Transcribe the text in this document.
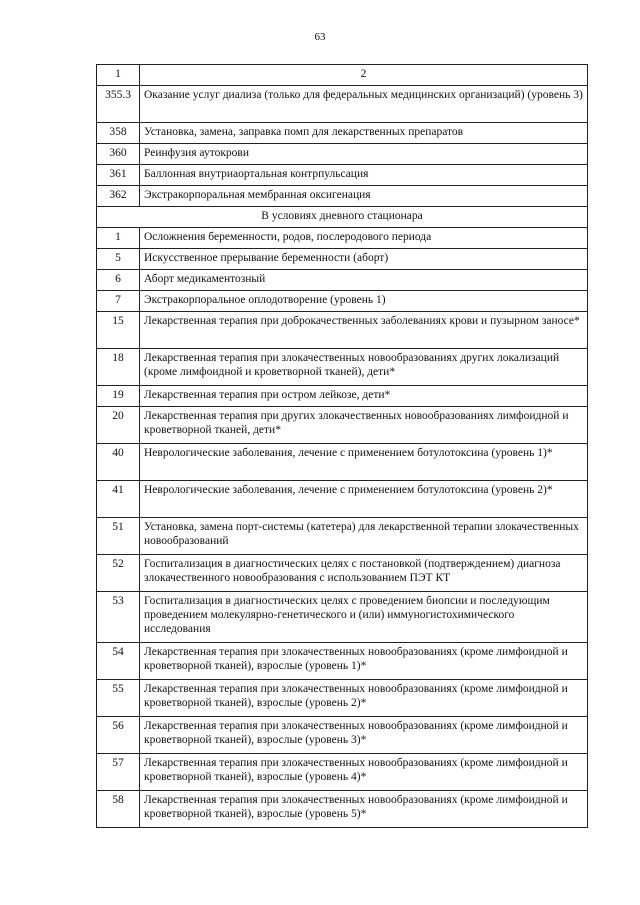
63
1	2
355.3	Оказание услуг диализа (только для федеральных медицинских организаций) (уровень 3)
358	Установка, замена, заправка помп для лекарственных препаратов
360	Реинфузия аутокрови
361	Баллонная внутриаортальная контрпульсация
362	Экстракорпоральная мембранная оксигенация
В условиях дневного стационара	
1	Осложнения беременности, родов, послеродового периода
5	Искусственное прерывание беременности (аборт)
6	Аборт медикаментозный
7	Экстракорпоральное оплодотворение (уровень 1)
15	Лекарственная терапия при доброкачественных заболеваниях крови и пузырном заносе*
18	Лекарственная терапия при злокачественных новообразованиях других локализаций (кроме лимфоидной и кроветворной тканей), дети*
19	Лекарственная терапия при остром лейкозе, дети*
20	Лекарственная терапия при других злокачественных новообразованиях лимфоидной и кроветворной тканей, дети*
40	Неврологические заболевания, лечение с применением ботулотоксина (уровень 1)*
41	Неврологические заболевания, лечение с применением ботулотоксина (уровень 2)*
51	Установка, замена порт-системы (катетера) для лекарственной терапии злокачественных новообразований
52	Госпитализация в диагностических целях с постановкой (подтверждением) диагноза злокачественного новообразования с использованием ПЭТ КТ
53	Госпитализация в диагностических целях с проведением биопсии и последующим проведением молекулярно-генетического и (или) иммуногистохимического исследования
54	Лекарственная терапия при злокачественных новообразованиях (кроме лимфоидной и кроветворной тканей), взрослые (уровень 1)*
55	Лекарственная терапия при злокачественных новообразованиях (кроме лимфоидной и кроветворной тканей), взрослые (уровень 2)*
56	Лекарственная терапия при злокачественных новообразованиях (кроме лимфоидной и кроветворной тканей), взрослые (уровень 3)*
57	Лекарственная терапия при злокачественных новообразованиях (кроме лимфоидной и кроветворной тканей), взрослые (уровень 4)*
58	Лекарственная терапия при злокачественных новообразованиях (кроме лимфоидной и кроветворной тканей), взрослые (уровень 5)*
